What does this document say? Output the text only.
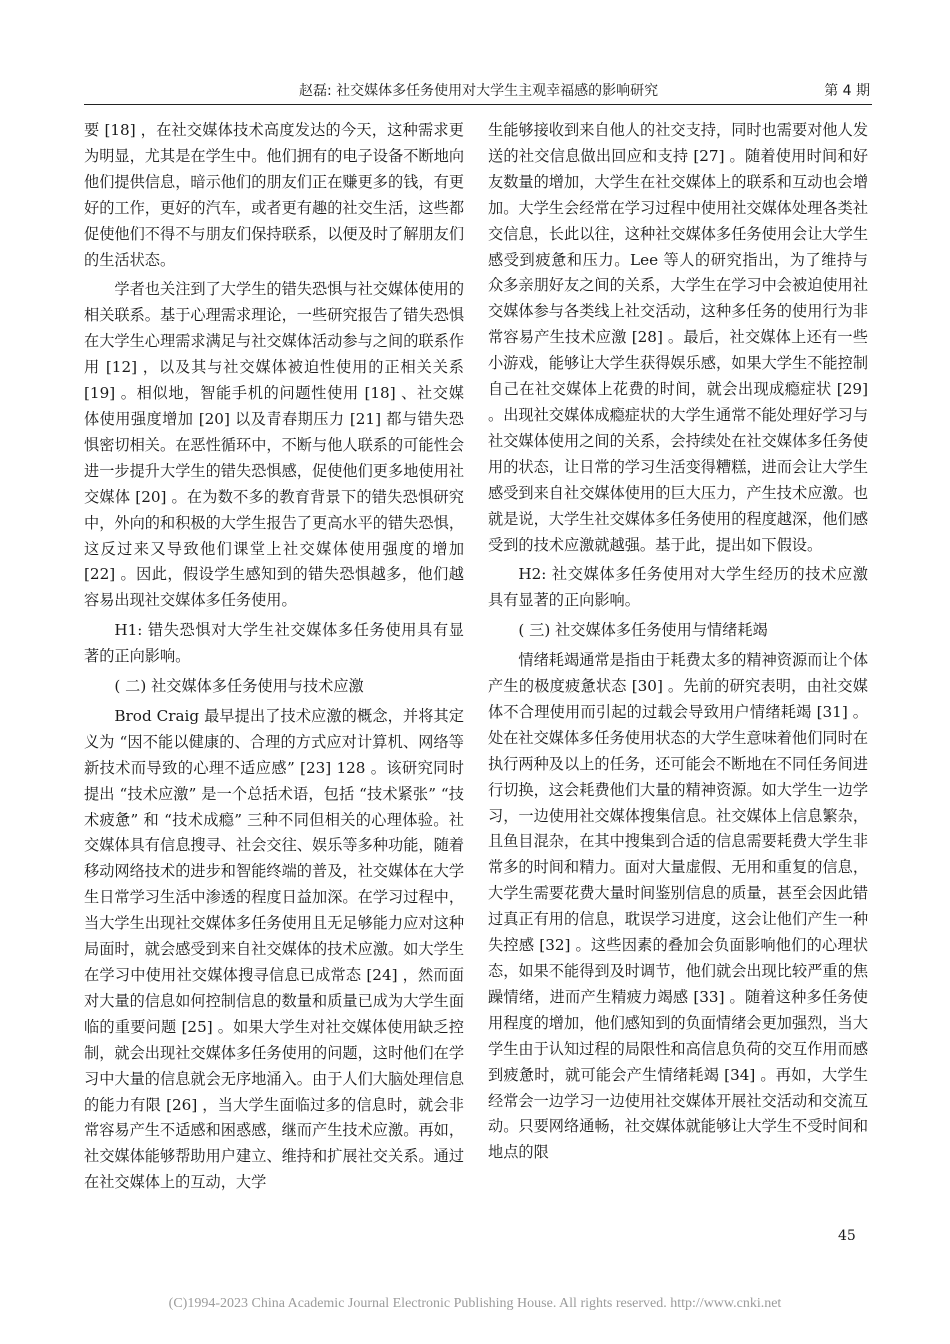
赵磊: 社交媒体多任务使用对大学生主观幸福感的影响研究	第 4 期

要 [18] ，在社交媒体技术高度发达的今天，这种需求更为明显，尤其是在学生中。他们拥有的电子设备不断地向他们提供信息，暗示他们的朋友们正在赚更多的钱，有更好的工作，更好的汽车，或者更有趣的社交生活，这些都促使他们不得不与朋友们保持联系，以便及时了解朋友们的生活状态。

学者也关注到了大学生的错失恐惧与社交媒体使用的相关联系。基于心理需求理论，一些研究报告了错失恐惧在大学生心理需求满足与社交媒体活动参与之间的联系作用 [12] ，以及其与社交媒体被迫性使用的正相关关系 [19] 。相似地，智能手机的问题性使用 [18] 、社交媒体使用强度增加 [20] 以及青春期压力 [21] 都与错失恐惧密切相关。在恶性循环中，不断与他人联系的可能性会进一步提升大学生的错失恐惧感，促使他们更多地使用社交媒体 [20] 。在为数不多的教育背景下的错失恐惧研究中，外向的和积极的大学生报告了更高水平的错失恐惧，这反过来又导致他们课堂上社交媒体使用强度的增加 [22] 。因此，假设学生感知到的错失恐惧越多，他们越容易出现社交媒体多任务使用。

H1: 错失恐惧对大学生社交媒体多任务使用具有显著的正向影响。

( 二) 社交媒体多任务使用与技术应激

Brod Craig 最早提出了技术应激的概念，并将其定义为 “因不能以健康的、合理的方式应对计算机、网络等新技术而导致的心理不适应感” [23] 128 。该研究同时提出 “技术应激” 是一个总括术语，包括 “技术紧张” “技术疲惫” 和 “技术成瘾” 三种不同但相关的心理体验。社交媒体具有信息搜寻、社会交往、娱乐等多种功能，随着移动网络技术的进步和智能终端的普及，社交媒体在大学生日常学习生活中渗透的程度日益加深。在学习过程中，当大学生出现社交媒体多任务使用且无足够能力应对这种局面时，就会感受到来自社交媒体的技术应激。如大学生在学习中使用社交媒体搜寻信息已成常态 [24] ，然而面对大量的信息如何控制信息的数量和质量已成为大学生面临的重要问题 [25] 。如果大学生对社交媒体使用缺乏控制，就会出现社交媒体多任务使用的问题，这时他们在学习中大量的信息就会无序地涌入。由于人们大脑处理信息的能力有限 [26] ，当大学生面临过多的信息时，就会非常容易产生不适感和困惑感，继而产生技术应激。再如，社交媒体能够帮助用户建立、维持和扩展社交关系。通过在社交媒体上的互动，大学

生能够接收到来自他人的社交支持，同时也需要对他人发送的社交信息做出回应和支持 [27] 。随着使用时间和好友数量的增加，大学生在社交媒体上的联系和互动也会增加。大学生会经常在学习过程中使用社交媒体处理各类社交信息，长此以往，这种社交媒体多任务使用会让大学生感受到疲惫和压力。Lee 等人的研究指出，为了维持与众多亲朋好友之间的关系，大学生在学习中会被迫使用社交媒体参与各类线上社交活动，这种多任务的使用行为非常容易产生技术应激 [28] 。最后，社交媒体上还有一些小游戏，能够让大学生获得娱乐感，如果大学生不能控制自己在社交媒体上花费的时间，就会出现成瘾症状 [29] 。出现社交媒体成瘾症状的大学生通常不能处理好学习与社交媒体使用之间的关系，会持续处在社交媒体多任务使用的状态，让日常的学习生活变得糟糕，进而会让大学生感受到来自社交媒体使用的巨大压力，产生技术应激。也就是说，大学生社交媒体多任务使用的程度越深，他们感受到的技术应激就越强。基于此，提出如下假设。

H2: 社交媒体多任务使用对大学生经历的技术应激具有显著的正向影响。

( 三) 社交媒体多任务使用与情绪耗竭

情绪耗竭通常是指由于耗费太多的精神资源而让个体产生的极度疲惫状态 [30] 。先前的研究表明，由社交媒体不合理使用而引起的过载会导致用户情绪耗竭 [31] 。处在社交媒体多任务使用状态的大学生意味着他们同时在执行两种及以上的任务，还可能会不断地在不同任务间进行切换，这会耗费他们大量的精神资源。如大学生一边学习，一边使用社交媒体搜集信息。社交媒体上信息繁杂，且鱼目混杂，在其中搜集到合适的信息需要耗费大学生非常多的时间和精力。面对大量虚假、无用和重复的信息，大学生需要花费大量时间鉴别信息的质量，甚至会因此错过真正有用的信息，耽误学习进度，这会让他们产生一种失控感 [32] 。这些因素的叠加会负面影响他们的心理状态，如果不能得到及时调节，他们就会出现比较严重的焦躁情绪，进而产生精疲力竭感 [33] 。随着这种多任务使用程度的增加，他们感知到的负面情绪会更加强烈，当大学生由于认知过程的局限性和高信息负荷的交互作用而感到疲惫时，就可能会产生情绪耗竭 [34] 。再如，大学生经常会一边学习一边使用社交媒体开展社交活动和交流互动。只要网络通畅，社交媒体就能够让大学生不受时间和地点的限

45
(C)1994-2023 China Academic Journal Electronic Publishing House. All rights reserved. http://www.cnki.net
